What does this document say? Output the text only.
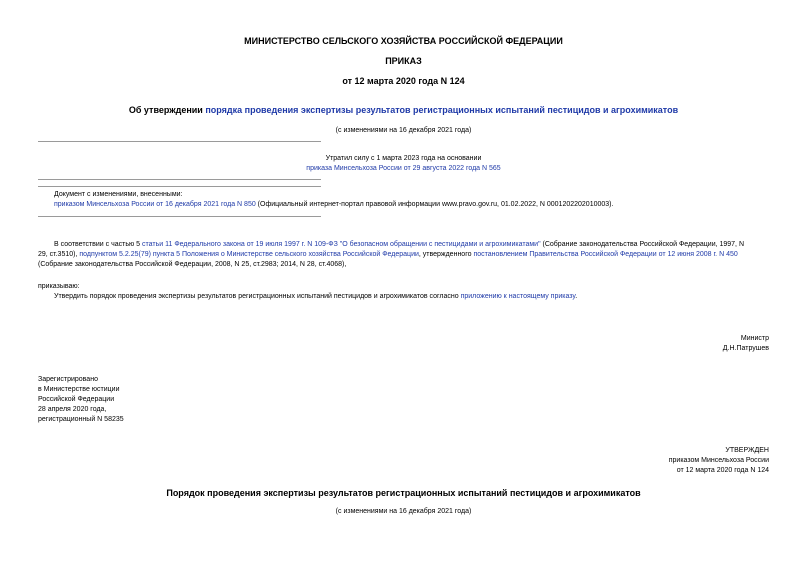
МИНИСТЕРСТВО СЕЛЬСКОГО ХОЗЯЙСТВА РОССИЙСКОЙ ФЕДЕРАЦИИ
ПРИКАЗ
от 12 марта 2020 года N 124
Об утверждении порядка проведения экспертизы результатов регистрационных испытаний пестицидов и агрохимикатов
(с изменениями на 16 декабря 2021 года)
Утратил силу с 1 марта 2023 года на основании
приказа Минсельхоза России от 29 августа 2022 года N 565
Документ с изменениями, внесенными:
приказом Минсельхоза России от 16 декабря 2021 года N 850 (Официальный интернет-портал правовой информации www.pravo.gov.ru, 01.02.2022, N 0001202202010003).
В соответствии с частью 5 статьи 11 Федерального закона от 19 июля 1997 г. N 109-ФЗ "О безопасном обращении с пестицидами и агрохимикатами" (Собрание законодательства Российской Федерации, 1997, N
29, ст.3510), подпунктом 5.2.25(79) пункта 5 Положения о Министерстве сельского хозяйства Российской Федерации, утвержденного постановлением Правительства Российской Федерации от 12 июня 2008 г. N 450
(Собрание законодательства Российской Федерации, 2008, N 25, ст.2983; 2014, N 28, ст.4068),
приказываю:
Утвердить порядок проведения экспертизы результатов регистрационных испытаний пестицидов и агрохимикатов согласно приложению к настоящему приказу.
Министр
Д.Н.Патрушев
Зарегистрировано
в Министерстве юстиции
Российской Федерации
28 апреля 2020 года,
регистрационный N 58235
УТВЕРЖДЕН
приказом Минсельхоза России
от 12 марта 2020 года N 124
Порядок проведения экспертизы результатов регистрационных испытаний пестицидов и агрохимикатов
(с изменениями на 16 декабря 2021 года)
